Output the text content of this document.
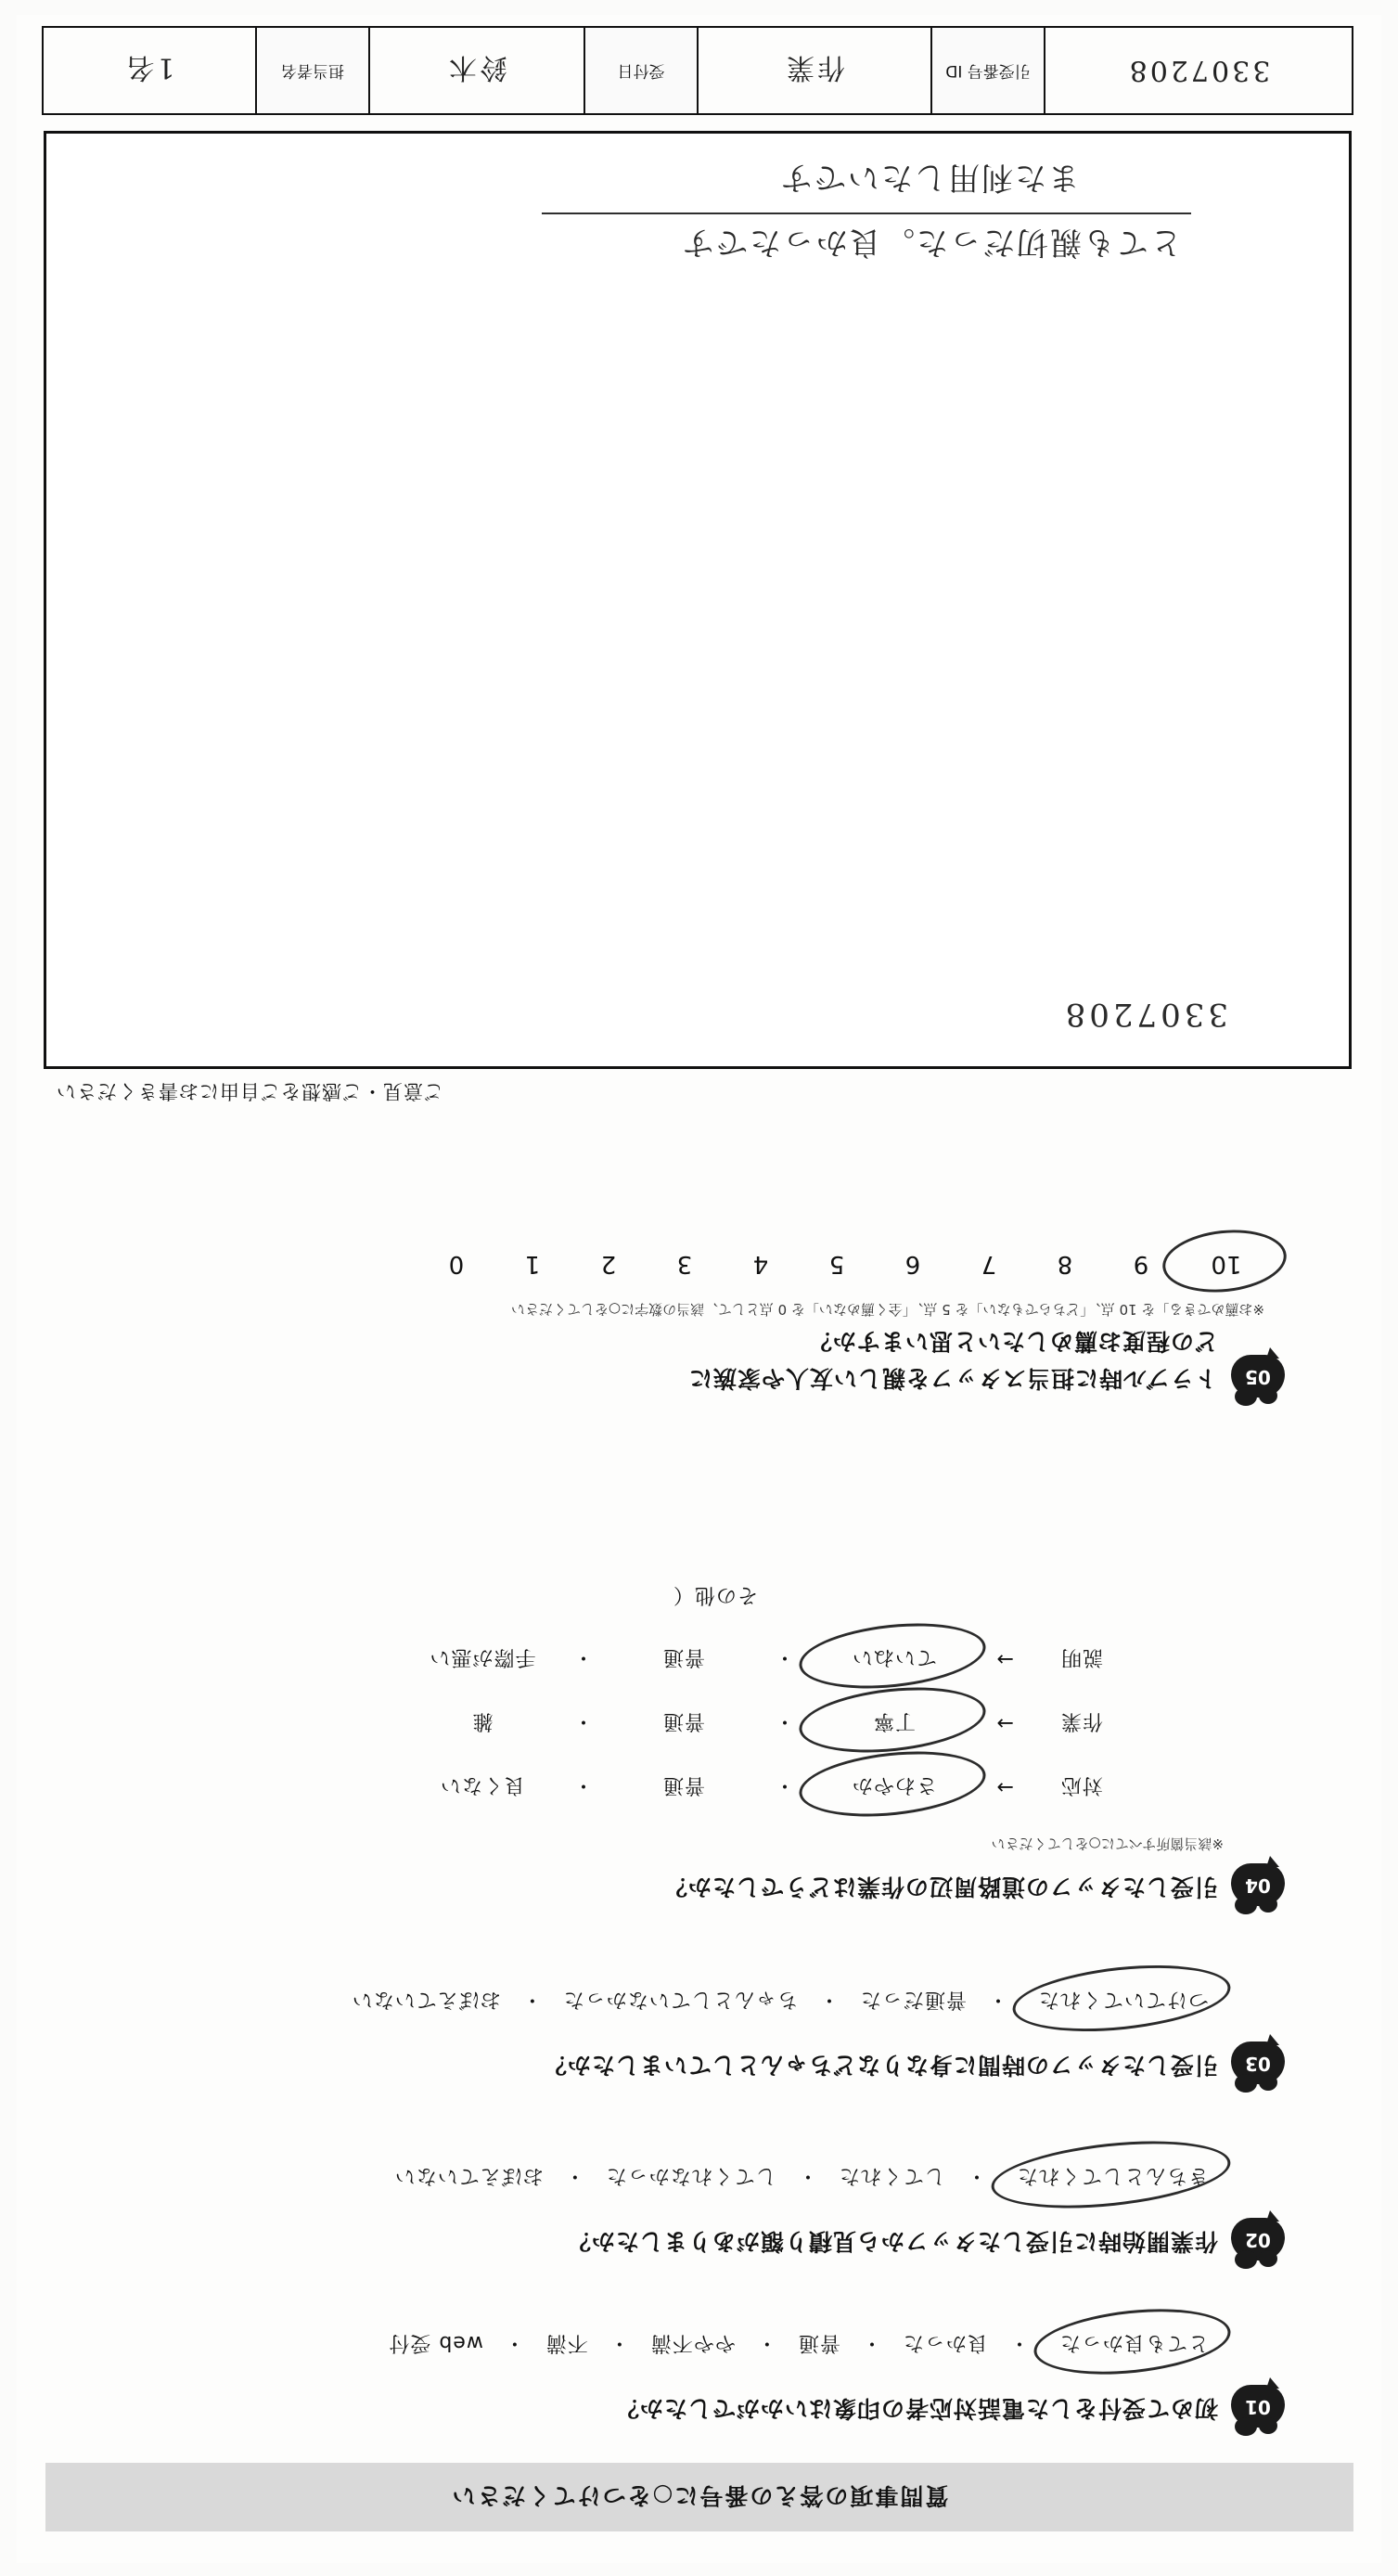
質問事項の答えの番号に○をつけてください
01
初めて受付をした電話対応者の印象はいかがでしたか？
とても良かった
・
良かった
・
普通
・
やや不満
・
不満
・
web 受付
02
作業開始時に引受したタッフから見積り額がありましたか？
きちんとしてくれた
・
してくれた
・
してくれなかった
・
おぼえていない
03
引受したタッフの時間に身なりなどちゃんとしていましたか？
つけていてくれた
・
普通だった
・
ちゃんとしていなかった
・
おぼえていない
04
引受したタッフの道路周辺の作業はどうでしたか？
※該当箇所すべてに○をしてください
対応
→
さわやか
・
普通
・
良くない
作業
→
丁寧
・
普通
・
雑
説明
→
ていねい
・
普通
・
手際が悪い
その他（
05
トラブル時に担当スタッフを親しい友人や家族に
どの程度お薦めしたいと思いますか？
※お薦めできる」を 10 点、「どちらでもない」を 5 点、「全く薦めない」を 0 点として、該当の数字に○をしてください
10
9
8
7
6
5
4
3
2
1
0
ご意見・ご感想をご自由にお書きください
とても親切だった。良かったです
また利用したいです
3307208
3307208
引受番号 ID
作業
受付日
鈴木
担当者名
1名
